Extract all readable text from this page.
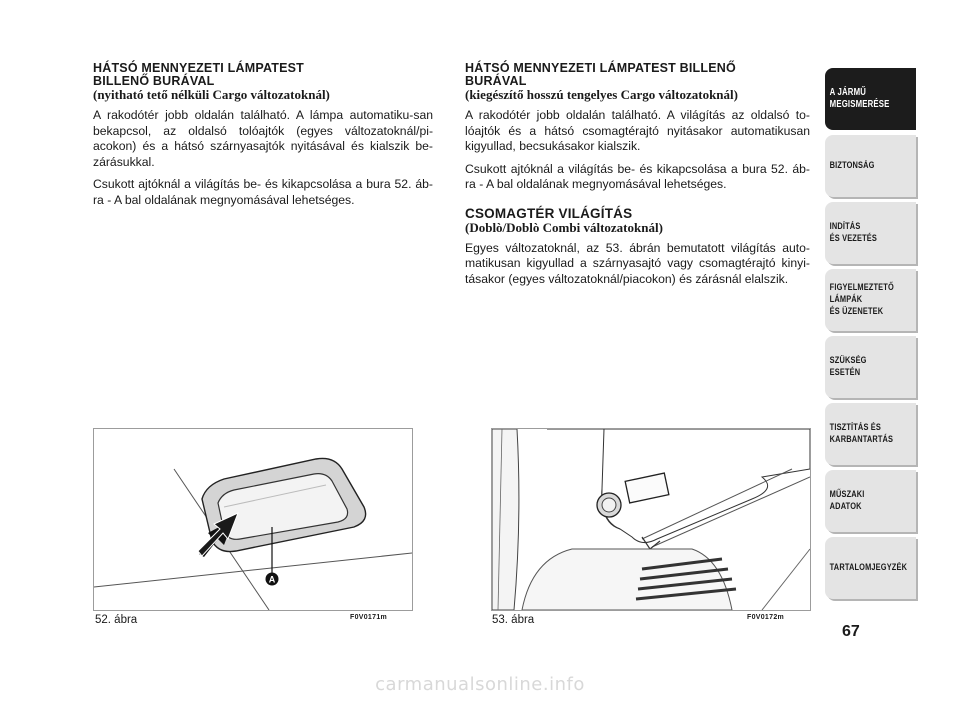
HÁTSÓ MENNYEZETI LÁMPATEST

BILLENŐ BURÁVAL

(nyitható tető nélküli Cargo változatoknál)

A rakodótér jobb oldalán található. A lámpa automatiku-san bekapcsol, az oldalsó tolóajtók (egyes változatoknál/pi-acokon) és a hátsó szárnyasajtók nyitásával és kialszik be-zárásukkal.

Csukott ajtóknál a világítás be- és kikapcsolása a bura 52. áb-ra - A bal oldalának megnyomásával lehetséges.

HÁTSÓ MENNYEZETI LÁMPATEST BILLENŐ

BURÁVAL

(kiegészítő hosszú tengelyes Cargo változatoknál)

A rakodótér jobb oldalán található. A világítás az oldalsó to-lóajtók és a hátsó csomagtérajtó nyitásakor automatikusan kigyullad, becsukásakor kialszik.

Csukott ajtóknál a világítás be- és kikapcsolása a bura 52. áb-ra - A bal oldalának megnyomásával lehetséges.

CSOMAGTÉR VILÁGÍTÁS

(Doblò/Doblò Combi változatoknál)

Egyes változatoknál, az 53. ábrán bemutatott világítás auto-matikusan kigyullad a szárnyasajtó vagy csomagtérajtó kinyi-tásakor (egyes változatoknál/piacokon) és zárásnál elalszik.

A
52. ábra	F0V0171m	53. ábra	F0V0172m
A JÁRMŰ
MEGISMERÉSE
BIZTONSÁG
INDÍTÁS
ÉS VEZETÉS
FIGYELMEZTETŐ
LÁMPÁK
ÉS ÜZENETEK
SZÜKSÉG
ESETÉN
TISZTÍTÁS ÉS
KARBANTARTÁS
MŰSZAKI
ADATOK
TARTALOMJEGYZÉK
67
carmanualsonline.info
